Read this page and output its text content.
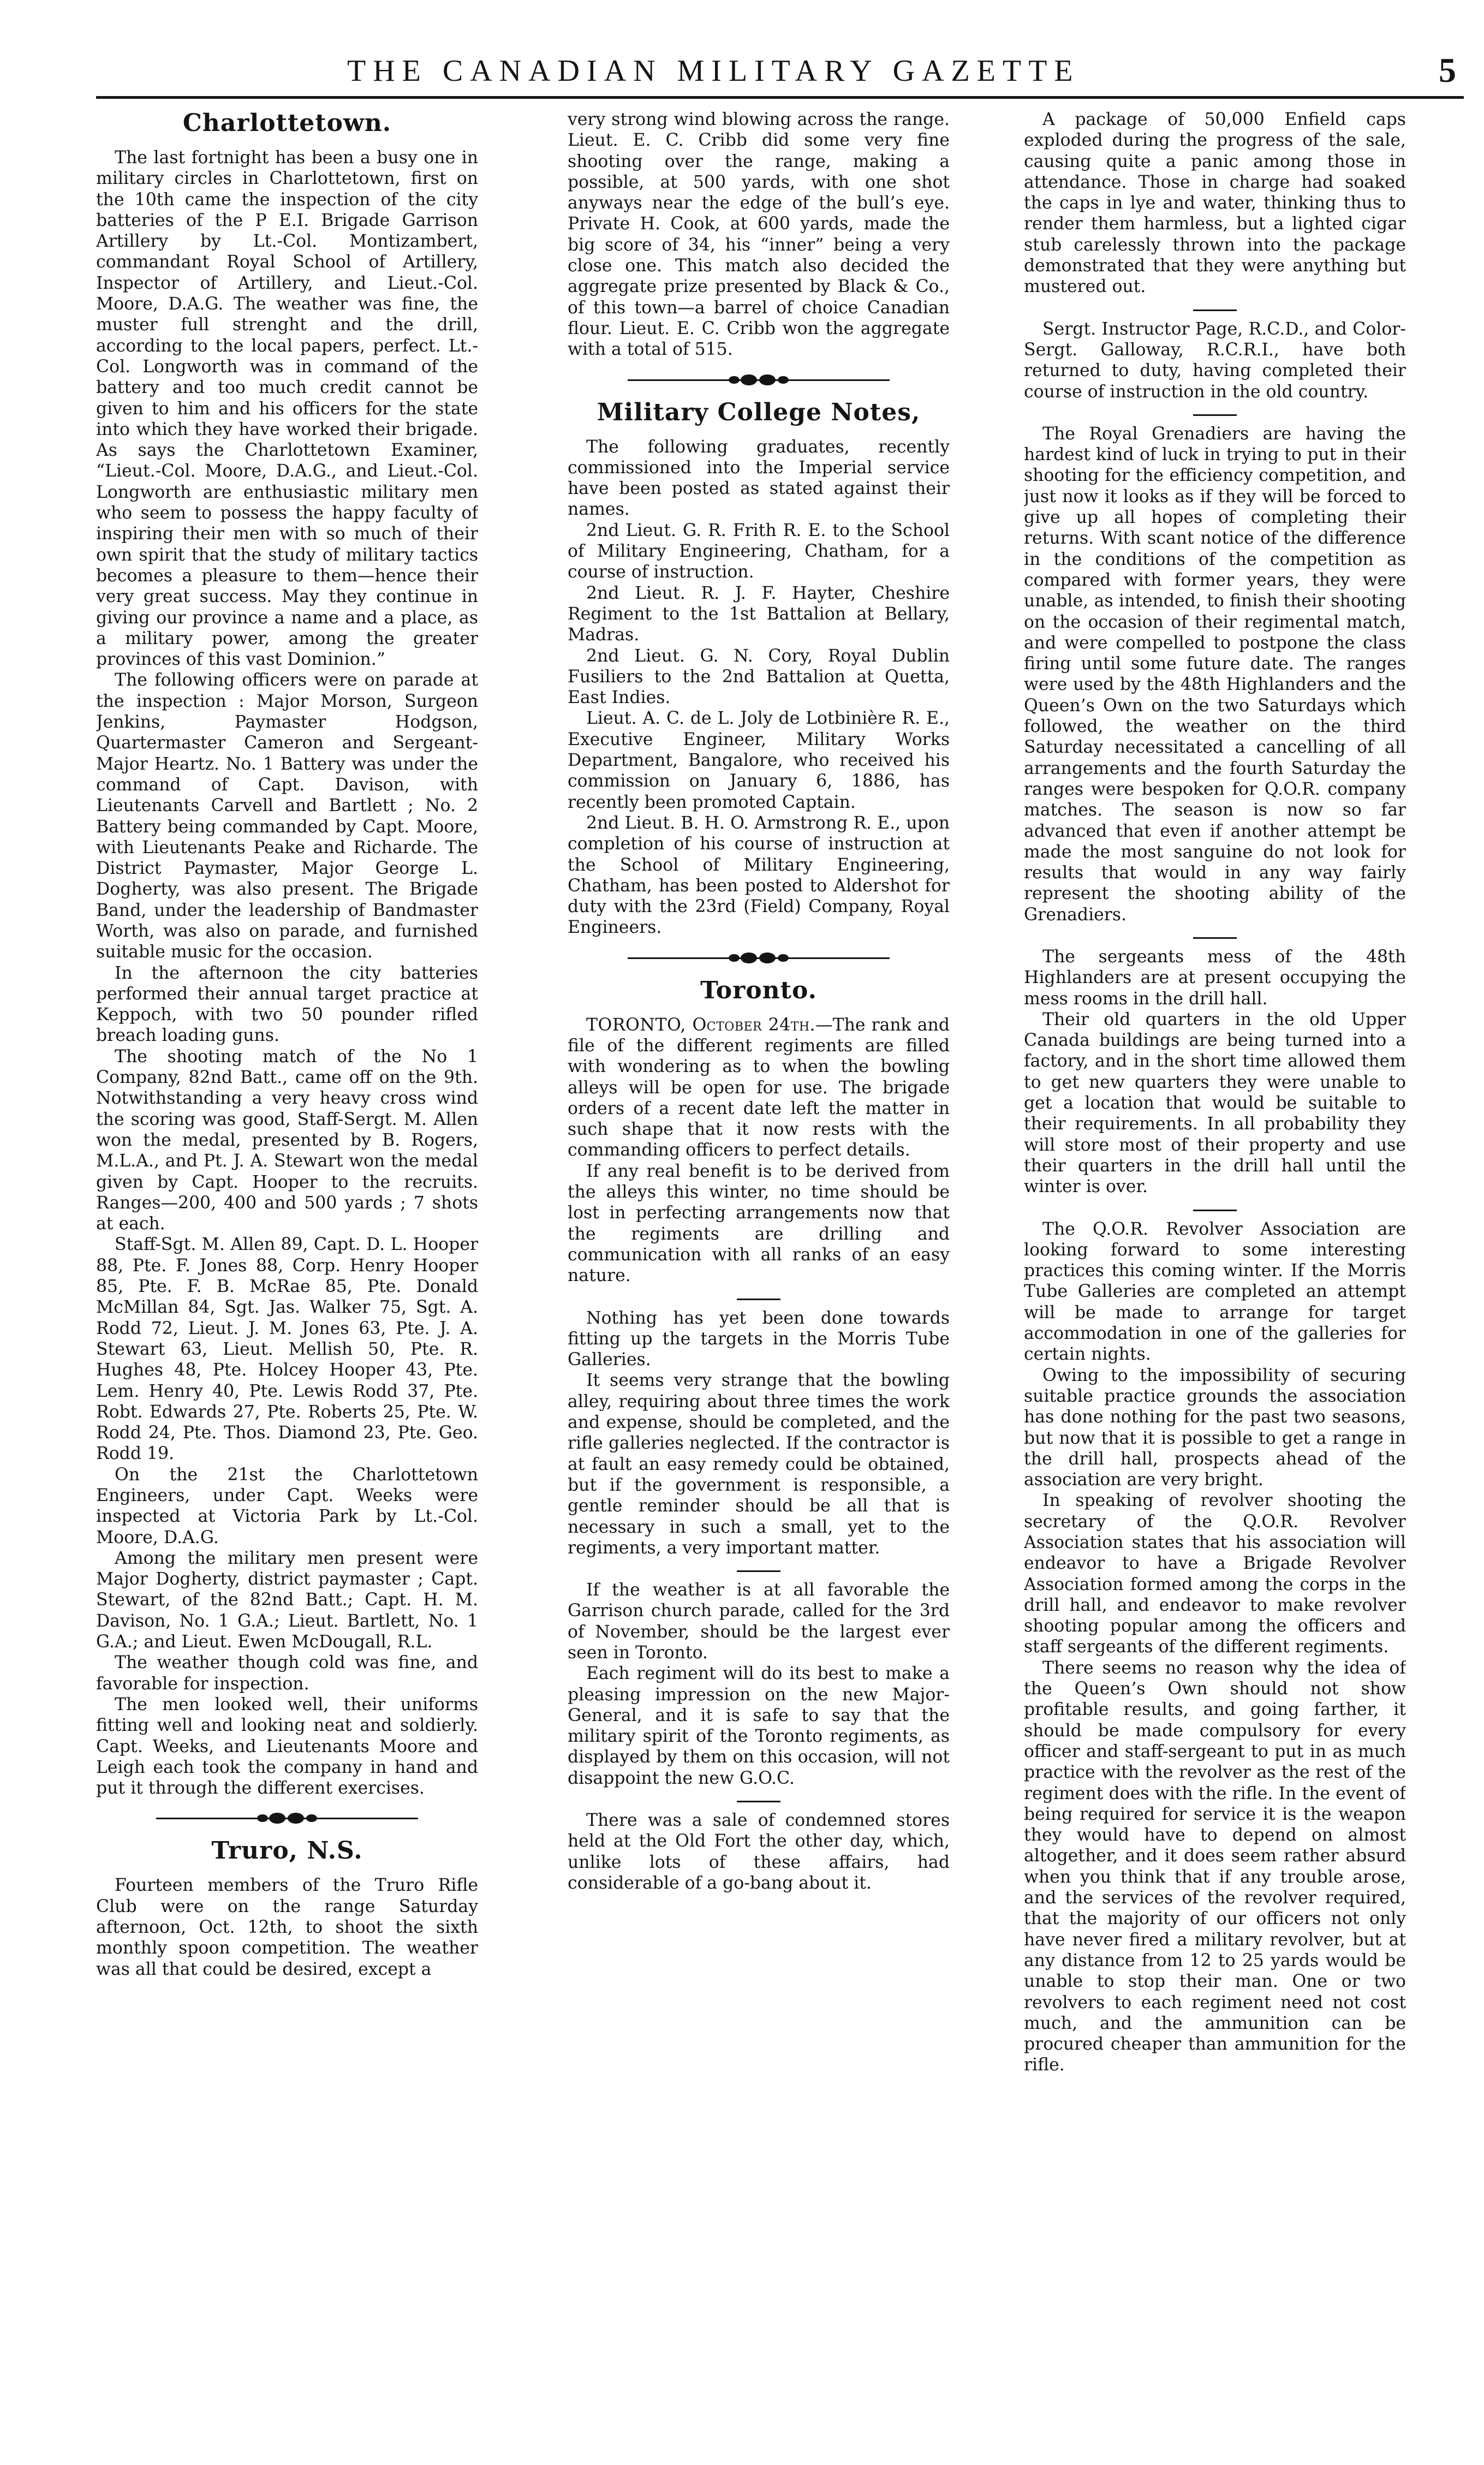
THE CANADIAN MILITARY GAZETTE	5
Charlottetown.

The last fortnight has been a busy one in military circles in Charlottetown, first on the 10th came the inspection of the city batteries of the P E.I. Brigade Garrison Artillery by Lt.-Col. Montizambert, commandant Royal School of Artillery, Inspector of Artillery, and Lieut.-Col. Moore, D.A.G. The weather was fine, the muster full strenght and the drill, according to the local papers, perfect. Lt.-Col. Longworth was in command of the battery and too much credit cannot be given to him and his officers for the state into which they have worked their brigade. As says the Charlottetown Examiner, “Lieut.-Col. Moore, D.A.G., and Lieut.-Col. Longworth are enthusiastic military men who seem to possess the happy faculty of inspiring their men with so much of their own spirit that the study of military tactics becomes a pleasure to them—hence their very great success. May they continue in giving our province a name and a place, as a military power, among the greater provinces of this vast Dominion.”

The following officers were on parade at the inspection : Major Morson, Surgeon Jenkins, Paymaster Hodgson, Quartermaster Cameron and Sergeant-Major Heartz. No. 1 Battery was under the command of Capt. Davison, with Lieutenants Carvell and Bartlett ; No. 2 Battery being commanded by Capt. Moore, with Lieutenants Peake and Richarde. The District Paymaster, Major George L. Dogherty, was also present. The Brigade Band, under the leadership of Bandmaster Worth, was also on parade, and furnished suitable music for the occasion.

In the afternoon the city batteries performed their annual target practice at Keppoch, with two 50 pounder rifled breach loading guns.

The shooting match of the No 1 Company, 82nd Batt., came off on the 9th. Notwithstanding a very heavy cross wind the scoring was good, Staff-Sergt. M. Allen won the medal, presented by B. Rogers, M.L.A., and Pt. J. A. Stewart won the medal given by Capt. Hooper to the recruits. Ranges—200, 400 and 500 yards ; 7 shots at each.

Staff-Sgt. M. Allen 89, Capt. D. L. Hooper 88, Pte. F. Jones 88, Corp. Henry Hooper 85, Pte. F. B. McRae 85, Pte. Donald McMillan 84, Sgt. Jas. Walker 75, Sgt. A. Rodd 72, Lieut. J. M. Jones 63, Pte. J. A. Stewart 63, Lieut. Mellish 50, Pte. R. Hughes 48, Pte. Holcey Hooper 43, Pte. Lem. Henry 40, Pte. Lewis Rodd 37, Pte. Robt. Edwards 27, Pte. Roberts 25, Pte. W. Rodd 24, Pte. Thos. Diamond 23, Pte. Geo. Rodd 19.

On the 21st the Charlottetown Engineers, under Capt. Weeks were inspected at Victoria Park by Lt.-Col. Moore, D.A.G.

Among the military men present were Major Dogherty, district paymaster ; Capt. Stewart, of the 82nd Batt.; Capt. H. M. Davison, No. 1 G.A.; Lieut. Bartlett, No. 1 G.A.; and Lieut. Ewen McDougall, R.L.

The weather though cold was fine, and favorable for inspection.

The men looked well, their uniforms fitting well and looking neat and soldierly. Capt. Weeks, and Lieutenants Moore and Leigh each took the company in hand and put it through the different exercises.

Truro, N.S.

Fourteen members of the Truro Rifle Club were on the range Saturday afternoon, Oct. 12th, to shoot the sixth monthly spoon competition. The weather was all that could be desired, except a

very strong wind blowing across the range. Lieut. E. C. Cribb did some very fine shooting over the range, making a possible, at 500 yards, with one shot anyways near the edge of the bull’s eye. Private H. Cook, at 600 yards, made the big score of 34, his “inner” being a very close one. This match also decided the aggregate prize presented by Black & Co., of this town—a barrel of choice Canadian flour. Lieut. E. C. Cribb won the aggregate with a total of 515.

Military College Notes,

The following graduates, recently commissioned into the Imperial service have been posted as stated against their names.

2nd Lieut. G. R. Frith R. E. to the School of Military Engineering, Chatham, for a course of instruction.

2nd Lieut. R. J. F. Hayter, Cheshire Regiment to the 1st Battalion at Bellary, Madras.

2nd Lieut. G. N. Cory, Royal Dublin Fusiliers to the 2nd Battalion at Quetta, East Indies.

Lieut. A. C. de L. Joly de Lotbinière R. E., Executive Engineer, Military Works Department, Bangalore, who received his commission on January 6, 1886, has recently been promoted Captain.

2nd Lieut. B. H. O. Armstrong R. E., upon completion of his course of instruction at the School of Military Engineering, Chatham, has been posted to Aldershot for duty with the 23rd (Field) Company, Royal Engineers.

Toronto.

TORONTO, October 24th.—The rank and file of the different regiments are filled with wondering as to when the bowling alleys will be open for use. The brigade orders of a recent date left the matter in such shape that it now rests with the commanding officers to perfect details.

If any real benefit is to be derived from the alleys this winter, no time should be lost in perfecting arrangements now that the regiments are drilling and communication with all ranks of an easy nature.

Nothing has yet been done towards fitting up the targets in the Morris Tube Galleries.

It seems very strange that the bowling alley, requiring about three times the work and expense, should be completed, and the rifle galleries neglected. If the contractor is at fault an easy remedy could be obtained, but if the government is responsible, a gentle reminder should be all that is necessary in such a small, yet to the regiments, a very important matter.

If the weather is at all favorable the Garrison church parade, called for the 3rd of November, should be the largest ever seen in Toronto.

Each regiment will do its best to make a pleasing impression on the new Major-General, and it is safe to say that the military spirit of the Toronto regiments, as displayed by them on this occasion, will not disappoint the new G.O.C.

There was a sale of condemned stores held at the Old Fort the other day, which, unlike lots of these affairs, had considerable of a go-bang about it.

A package of 50,000 Enfield caps exploded during the progress of the sale, causing quite a panic among those in attendance. Those in charge had soaked the caps in lye and water, thinking thus to render them harmless, but a lighted cigar stub carelessly thrown into the package demonstrated that they were anything but mustered out.

Sergt. Instructor Page, R.C.D., and Color-Sergt. Galloway, R.C.R.I., have both returned to duty, having completed their course of instruction in the old country.

The Royal Grenadiers are having the hardest kind of luck in trying to put in their shooting for the efficiency competition, and just now it looks as if they will be forced to give up all hopes of completing their returns. With scant notice of the difference in the conditions of the competition as compared with former years, they were unable, as intended, to finish their shooting on the occasion of their regimental match, and were compelled to postpone the class firing until some future date. The ranges were used by the 48th Highlanders and the Queen’s Own on the two Saturdays which followed, the weather on the third Saturday necessitated a cancelling of all arrangements and the fourth Saturday the ranges were bespoken for Q.O.R. company matches. The season is now so far advanced that even if another attempt be made the most sanguine do not look for results that would in any way fairly represent the shooting ability of the Grenadiers.

The sergeants mess of the 48th Highlanders are at present occupying the mess rooms in the drill hall.

Their old quarters in the old Upper Canada buildings are being turned into a factory, and in the short time allowed them to get new quarters they were unable to get a location that would be suitable to their requirements. In all probability they will store most of their property and use their quarters in the drill hall until the winter is over.

The Q.O.R. Revolver Association are looking forward to some interesting practices this coming winter. If the Morris Tube Galleries are completed an attempt will be made to arrange for target accommodation in one of the galleries for certain nights.

Owing to the impossibility of securing suitable practice grounds the association has done nothing for the past two seasons, but now that it is possible to get a range in the drill hall, prospects ahead of the association are very bright.

In speaking of revolver shooting the secretary of the Q.O.R. Revolver Association states that his association will endeavor to have a Brigade Revolver Association formed among the corps in the drill hall, and endeavor to make revolver shooting popular among the officers and staff sergeants of the different regiments.

There seems no reason why the idea of the Queen’s Own should not show profitable results, and going farther, it should be made compulsory for every officer and staff-sergeant to put in as much practice with the revolver as the rest of the regiment does with the rifle. In the event of being required for service it is the weapon they would have to depend on almost altogether, and it does seem rather absurd when you think that if any trouble arose, and the services of the revolver required, that the majority of our officers not only have never fired a military revolver, but at any distance from 12 to 25 yards would be unable to stop their man. One or two revolvers to each regiment need not cost much, and the ammunition can be procured cheaper than ammunition for the rifle.
